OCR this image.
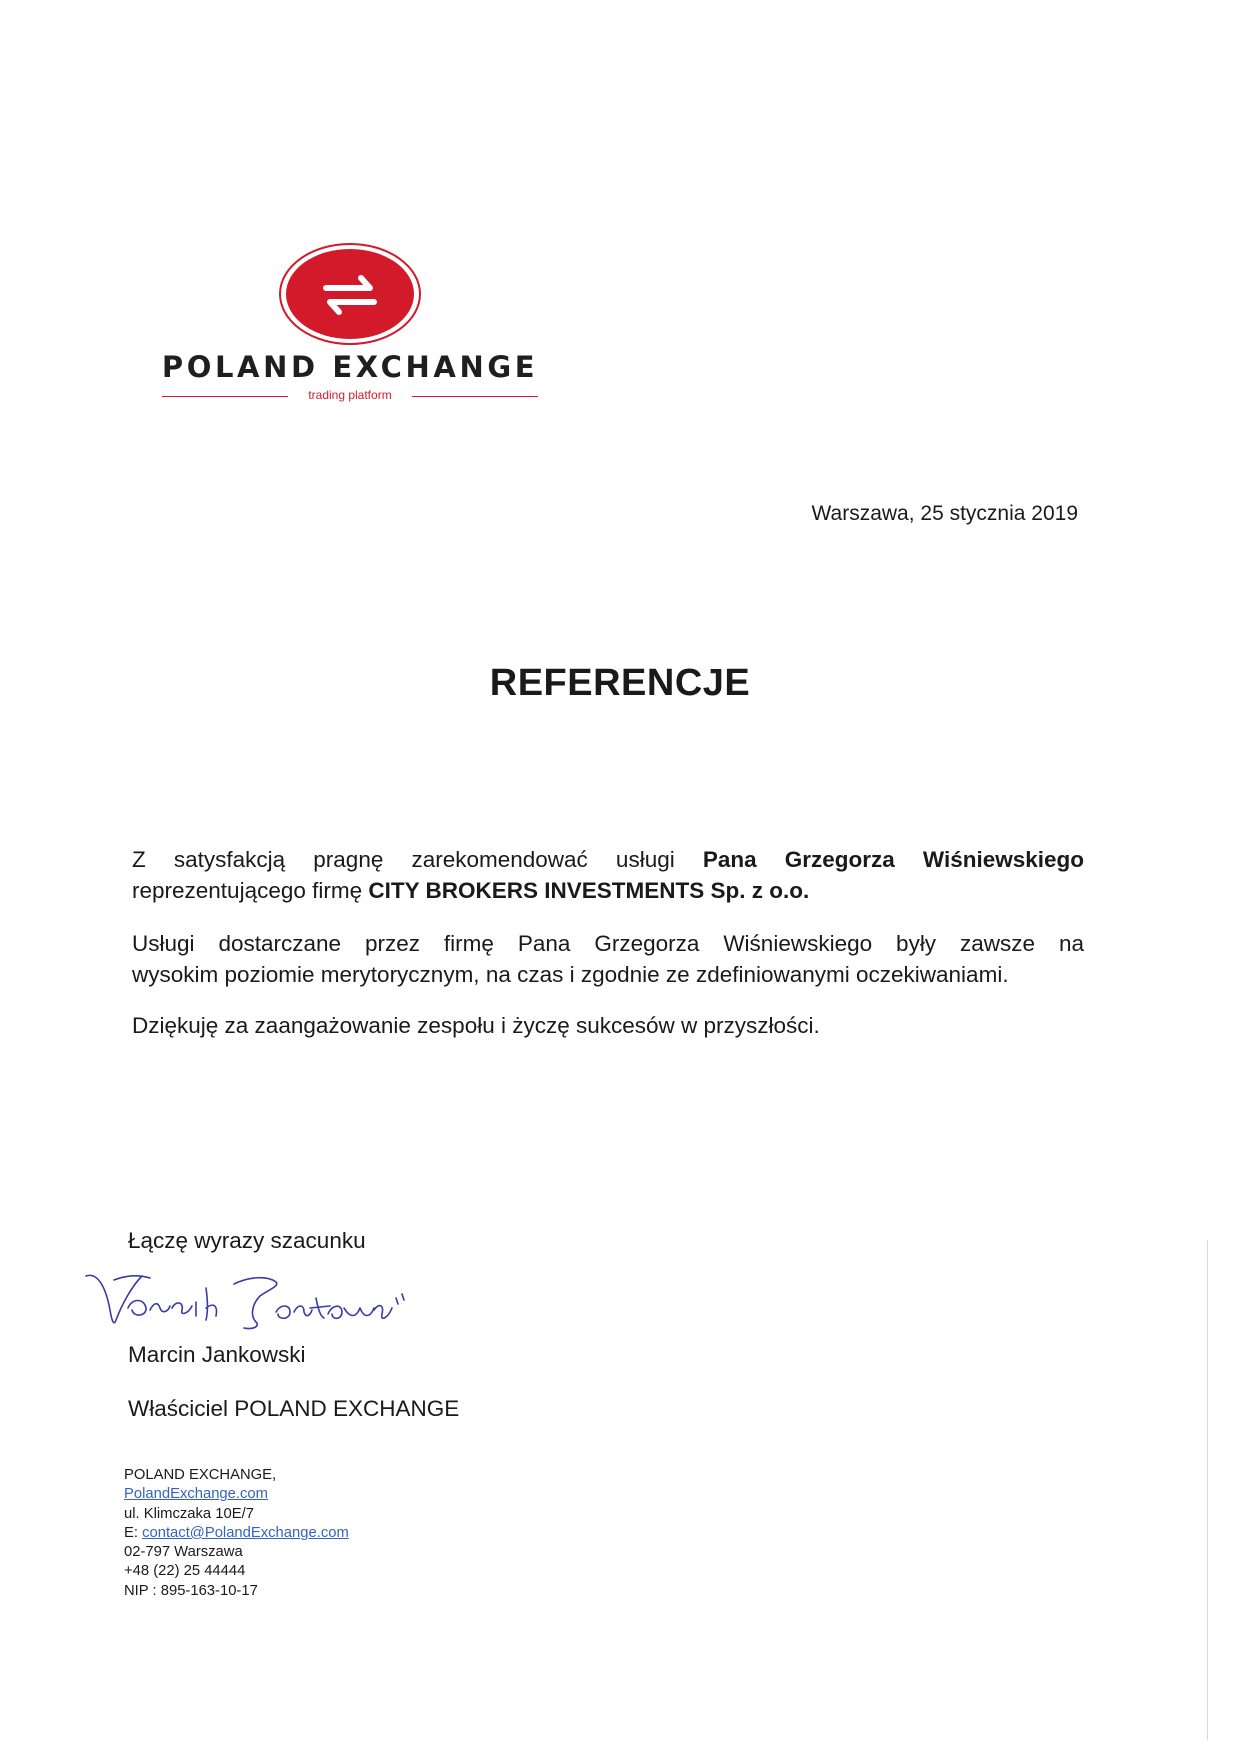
POLAND EXCHANGE
trading platform
Warszawa, 25 stycznia 2019
REFERENCJE
Z satysfakcją pragnę zarekomendować usługi Pana Grzegorza Wiśniewskiego
reprezentującego firmę CITY BROKERS INVESTMENTS Sp. z o.o.
Usługi dostarczane przez firmę Pana Grzegorza Wiśniewskiego były zawsze na
wysokim poziomie merytorycznym, na czas i zgodnie ze zdefiniowanymi oczekiwaniami.
Dziękuję za zaangażowanie zespołu i życzę sukcesów w przyszłości.
Łączę wyrazy szacunku
Marcin Jankowski
Właściciel POLAND EXCHANGE
POLAND EXCHANGE,
PolandExchange.com
ul. Klimczaka 10E/7
E: contact@PolandExchange.com
02-797 Warszawa
+48 (22) 25 44444
NIP : 895-163-10-17
